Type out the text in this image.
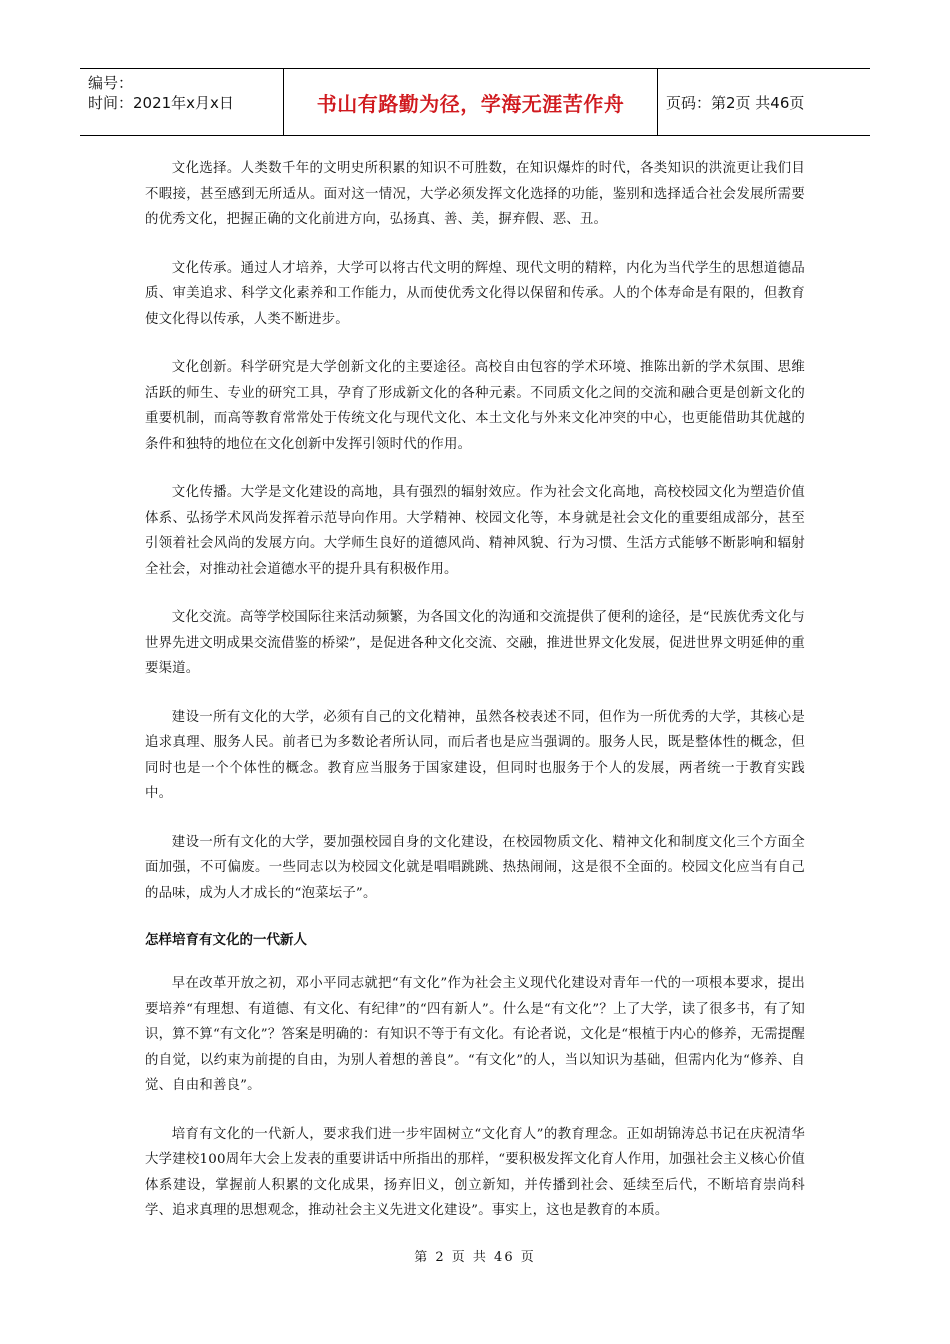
编号：
时间：2021年x月x日	书山有路勤为径，学海无涯苦作舟	页码：第2页 共46页

文化选择。人类数千年的文明史所积累的知识不可胜数，在知识爆炸的时代，各类知识的洪流更让我们目不暇接，甚至感到无所适从。面对这一情况，大学必须发挥文化选择的功能，鉴别和选择适合社会发展所需要的优秀文化，把握正确的文化前进方向，弘扬真、善、美，摒弃假、恶、丑。

文化传承。通过人才培养，大学可以将古代文明的辉煌、现代文明的精粹，内化为当代学生的思想道德品质、审美追求、科学文化素养和工作能力，从而使优秀文化得以保留和传承。人的个体寿命是有限的，但教育使文化得以传承，人类不断进步。

文化创新。科学研究是大学创新文化的主要途径。高校自由包容的学术环境、推陈出新的学术氛围、思维活跃的师生、专业的研究工具，孕育了形成新文化的各种元素。不同质文化之间的交流和融合更是创新文化的重要机制，而高等教育常常处于传统文化与现代文化、本土文化与外来文化冲突的中心，也更能借助其优越的条件和独特的地位在文化创新中发挥引领时代的作用。

文化传播。大学是文化建设的高地，具有强烈的辐射效应。作为社会文化高地，高校校园文化为塑造价值体系、弘扬学术风尚发挥着示范导向作用。大学精神、校园文化等，本身就是社会文化的重要组成部分，甚至引领着社会风尚的发展方向。大学师生良好的道德风尚、精神风貌、行为习惯、生活方式能够不断影响和辐射全社会，对推动社会道德水平的提升具有积极作用。

文化交流。高等学校国际往来活动频繁，为各国文化的沟通和交流提供了便利的途径，是“民族优秀文化与世界先进文明成果交流借鉴的桥梁”，是促进各种文化交流、交融，推进世界文化发展，促进世界文明延伸的重要渠道。

建设一所有文化的大学，必须有自己的文化精神，虽然各校表述不同，但作为一所优秀的大学，其核心是追求真理、服务人民。前者已为多数论者所认同，而后者也是应当强调的。服务人民，既是整体性的概念，但同时也是一个个体性的概念。教育应当服务于国家建设，但同时也服务于个人的发展，两者统一于教育实践中。

建设一所有文化的大学，要加强校园自身的文化建设，在校园物质文化、精神文化和制度文化三个方面全面加强，不可偏废。一些同志以为校园文化就是唱唱跳跳、热热闹闹，这是很不全面的。校园文化应当有自己的品味，成为人才成长的“泡菜坛子”。

怎样培育有文化的一代新人

早在改革开放之初，邓小平同志就把“有文化”作为社会主义现代化建设对青年一代的一项根本要求，提出要培养“有理想、有道德、有文化、有纪律”的“四有新人”。什么是“有文化”？上了大学，读了很多书，有了知识，算不算“有文化”？答案是明确的：有知识不等于有文化。有论者说，文化是“根植于内心的修养，无需提醒的自觉，以约束为前提的自由，为别人着想的善良”。“有文化”的人，当以知识为基础，但需内化为“修养、自觉、自由和善良”。

培育有文化的一代新人，要求我们进一步牢固树立“文化育人”的教育理念。正如胡锦涛总书记在庆祝清华大学建校100周年大会上发表的重要讲话中所指出的那样，“要积极发挥文化育人作用，加强社会主义核心价值体系建设，掌握前人积累的文化成果，扬弃旧义，创立新知，并传播到社会、延续至后代，不断培育崇尚科学、追求真理的思想观念，推动社会主义先进文化建设”。事实上，这也是教育的本质。

第 2 页 共 46 页
